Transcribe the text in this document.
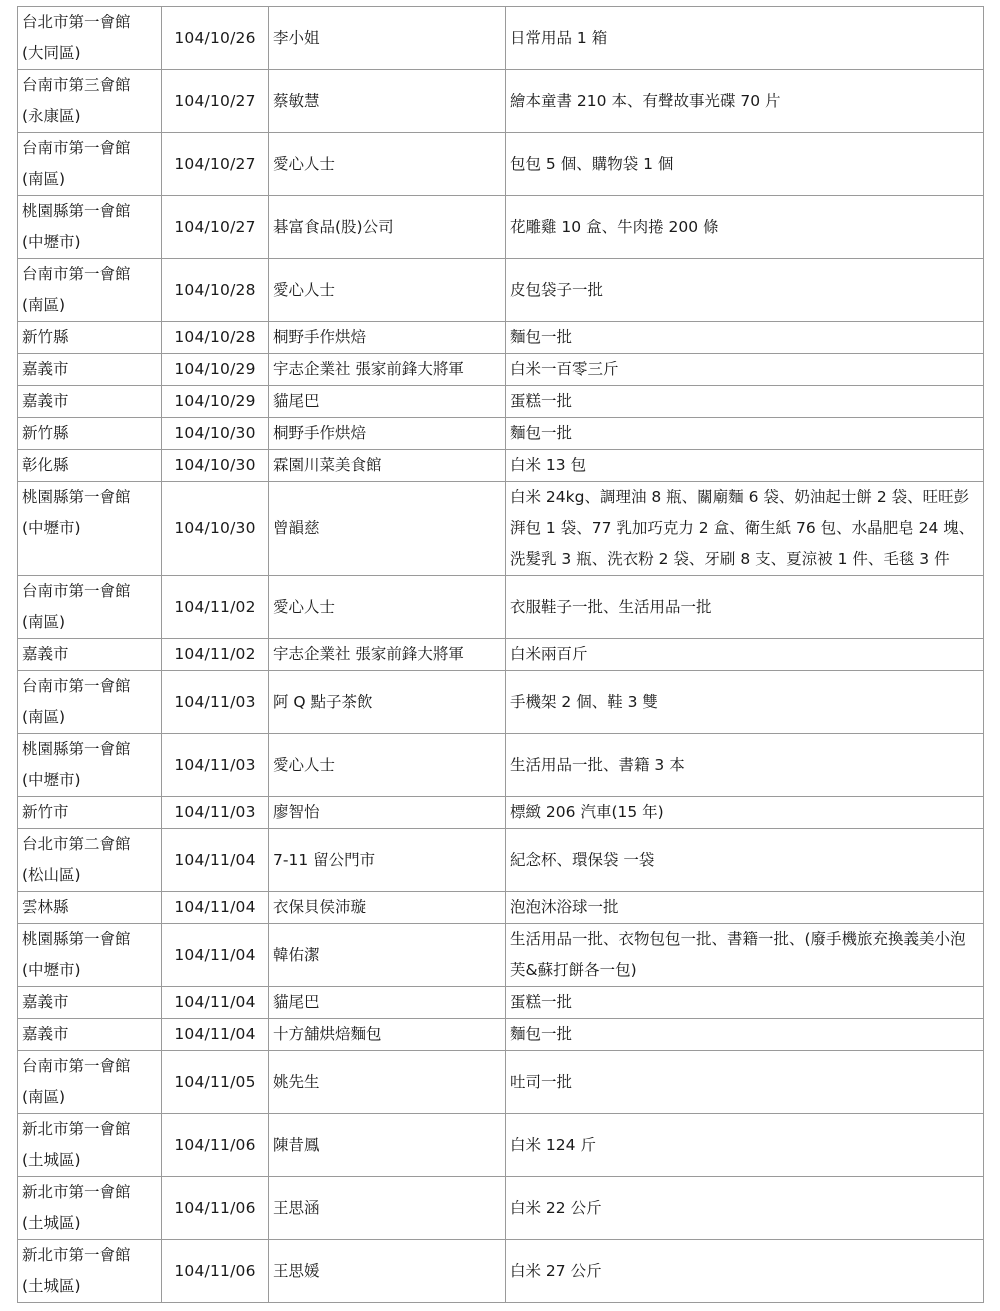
台北市第一會館
(大同區)	104/10/26	李小姐	日常用品 1 箱

台南市第三會館
(永康區)	104/10/27	蔡敏慧	繪本童書 210 本、有聲故事光碟 70 片

台南市第一會館
(南區)	104/10/27	愛心人士	包包 5 個、購物袋 1 個

桃園縣第一會館
(中壢市)	104/10/27	碁富食品(股)公司	花雕雞 10 盒、牛肉捲 200 條

台南市第一會館
(南區)	104/10/28	愛心人士	皮包袋子一批

新竹縣	104/10/28	桐野手作烘焙	麵包一批

嘉義市	104/10/29	宇志企業社 張家前鋒大將軍	白米一百零三斤

嘉義市	104/10/29	貓尾巴	蛋糕一批

新竹縣	104/10/30	桐野手作烘焙	麵包一批

彰化縣	104/10/30	霖園川菜美食館	白米 13 包

桃園縣第一會館
(中壢市)	104/10/30	曾韻慈	白米 24kg、調理油 8 瓶、關廟麵 6 袋、奶油起士餅 2 袋、旺旺彭湃包 1 袋、77 乳加巧克力 2 盒、衛生紙 76 包、水晶肥皂 24 塊、洗髮乳 3 瓶、洗衣粉 2 袋、牙刷 8 支、夏涼被 1 件、毛毯 3 件

台南市第一會館
(南區)	104/11/02	愛心人士	衣服鞋子一批、生活用品一批

嘉義市	104/11/02	宇志企業社 張家前鋒大將軍	白米兩百斤

台南市第一會館
(南區)	104/11/03	阿 Q 點子茶飲	手機架 2 個、鞋 3 雙

桃園縣第一會館
(中壢市)	104/11/03	愛心人士	生活用品一批、書籍 3 本

新竹市	104/11/03	廖智怡	標緻 206 汽車(15 年)

台北市第二會館
(松山區)	104/11/04	7-11 留公門市	紀念杯、環保袋 一袋

雲林縣	104/11/04	衣保貝侯沛璇	泡泡沐浴球一批

桃園縣第一會館
(中壢市)	104/11/04	韓佑潔	生活用品一批、衣物包包一批、書籍一批、(廢手機旅充換義美小泡芙&蘇打餅各一包)

嘉義市	104/11/04	貓尾巴	蛋糕一批

嘉義市	104/11/04	十方舖烘焙麵包	麵包一批

台南市第一會館
(南區)	104/11/05	姚先生	吐司一批

新北市第一會館
(土城區)	104/11/06	陳昔鳳	白米 124 斤

新北市第一會館
(土城區)	104/11/06	王思涵	白米 22 公斤

新北市第一會館
(土城區)	104/11/06	王思媛	白米 27 公斤
